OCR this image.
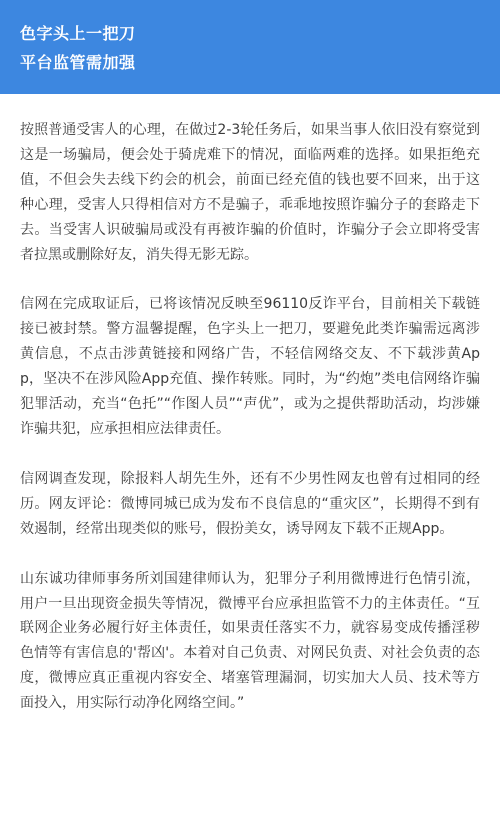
色字头上一把刀
平台监管需加强

按照普通受害人的心理，在做过2-3轮任务后，如果当事人依旧没有察觉到这是一场骗局，便会处于骑虎难下的情况，面临两难的选择。如果拒绝充值，不但会失去线下约会的机会，前面已经充值的钱也要不回来，出于这种心理，受害人只得相信对方不是骗子，乖乖地按照诈骗分子的套路走下去。当受害人识破骗局或没有再被诈骗的价值时，诈骗分子会立即将受害者拉黑或删除好友，消失得无影无踪。

信网在完成取证后，已将该情况反映至96110反诈平台，目前相关下载链接已被封禁。警方温馨提醒，色字头上一把刀，要避免此类诈骗需远离涉黄信息，不点击涉黄链接和网络广告，不轻信网络交友、不下载涉黄App，坚决不在涉风险App充值、操作转账。同时，为“约炮”类电信网络诈骗犯罪活动，充当“色托”“作图人员”“声优”，或为之提供帮助活动，均涉嫌诈骗共犯，应承担相应法律责任。

信网调查发现，除报料人胡先生外，还有不少男性网友也曾有过相同的经历。网友评论：微博同城已成为发布不良信息的“重灾区”，长期得不到有效遏制，经常出现类似的账号，假扮美女，诱导网友下载不正规App。

山东诚功律师事务所刘国建律师认为，犯罪分子利用微博进行色情引流，用户一旦出现资金损失等情况，微博平台应承担监管不力的主体责任。“互联网企业务必履行好主体责任，如果责任落实不力，就容易变成传播淫秽色情等有害信息的'帮凶'。本着对自己负责、对网民负责、对社会负责的态度，微博应真正重视内容安全、堵塞管理漏洞，切实加大人员、技术等方面投入，用实际行动净化网络空间。”
